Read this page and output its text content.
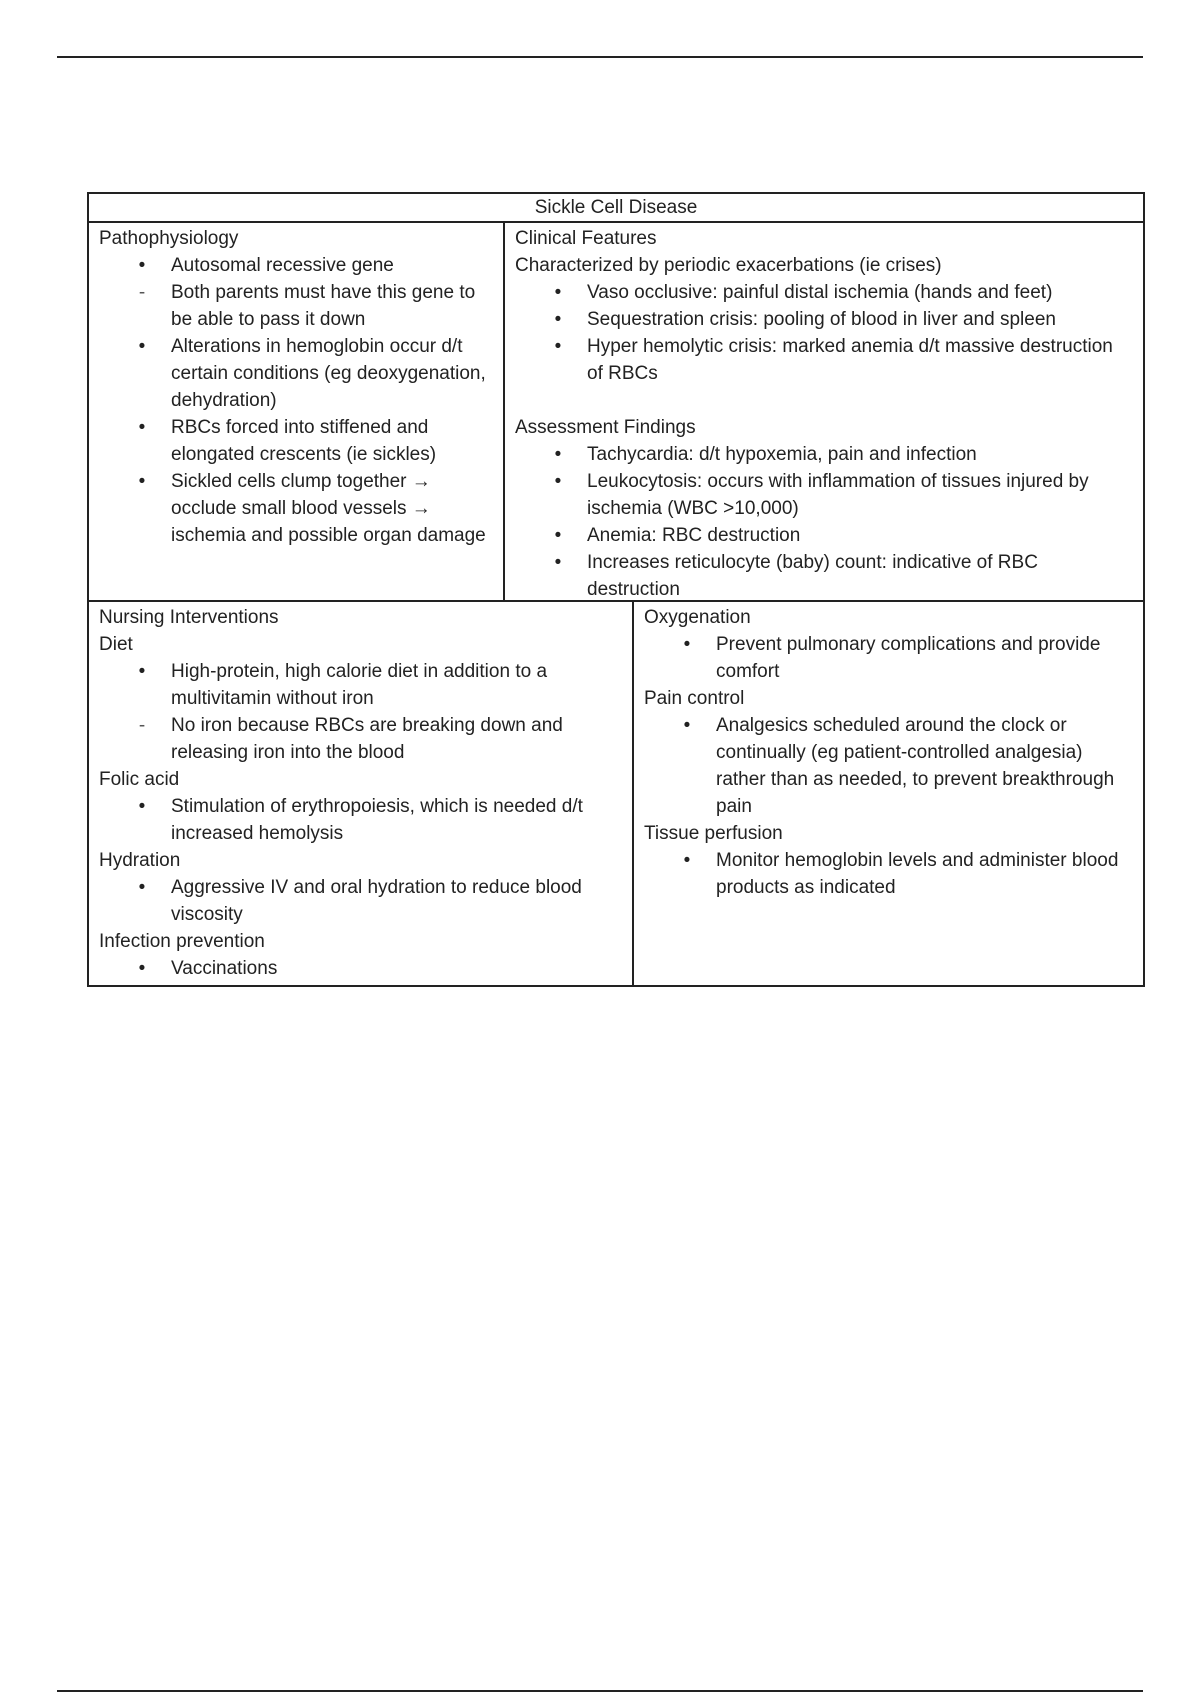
Sickle Cell Disease
Pathophysiology
•
Autosomal recessive gene
-
Both parents must have this gene to be able to pass it down
•
Alterations in hemoglobin occur d/t certain conditions (eg deoxygenation, dehydration)
•
RBCs forced into stiffened and elongated crescents (ie sickles)
•
Sickled cells clump together → occlude small blood vessels → ischemia and possible organ damage
Clinical Features
Characterized by periodic exacerbations (ie crises)
•
Vaso occlusive: painful distal ischemia (hands and feet)
•
Sequestration crisis: pooling of blood in liver and spleen
•
Hyper hemolytic crisis: marked anemia d/t massive destruction of RBCs
Assessment Findings
•
Tachycardia: d/t hypoxemia, pain and infection
•
Leukocytosis: occurs with inflammation of tissues injured by ischemia (WBC >10,000)
•
Anemia: RBC destruction
•
Increases reticulocyte (baby) count: indicative of RBC destruction
Nursing Interventions
Diet
•
High-protein, high calorie diet in addition to a multivitamin without iron
-
No iron because RBCs are breaking down and releasing iron into the blood
Folic acid
•
Stimulation of erythropoiesis, which is needed d/t increased hemolysis
Hydration
•
Aggressive IV and oral hydration to reduce blood viscosity
Infection prevention
•
Vaccinations
Oxygenation
•
Prevent pulmonary complications and provide comfort
Pain control
•
Analgesics scheduled around the clock or continually (eg patient-controlled analgesia) rather than as needed, to prevent breakthrough pain
Tissue perfusion
•
Monitor hemoglobin levels and administer blood products as indicated
